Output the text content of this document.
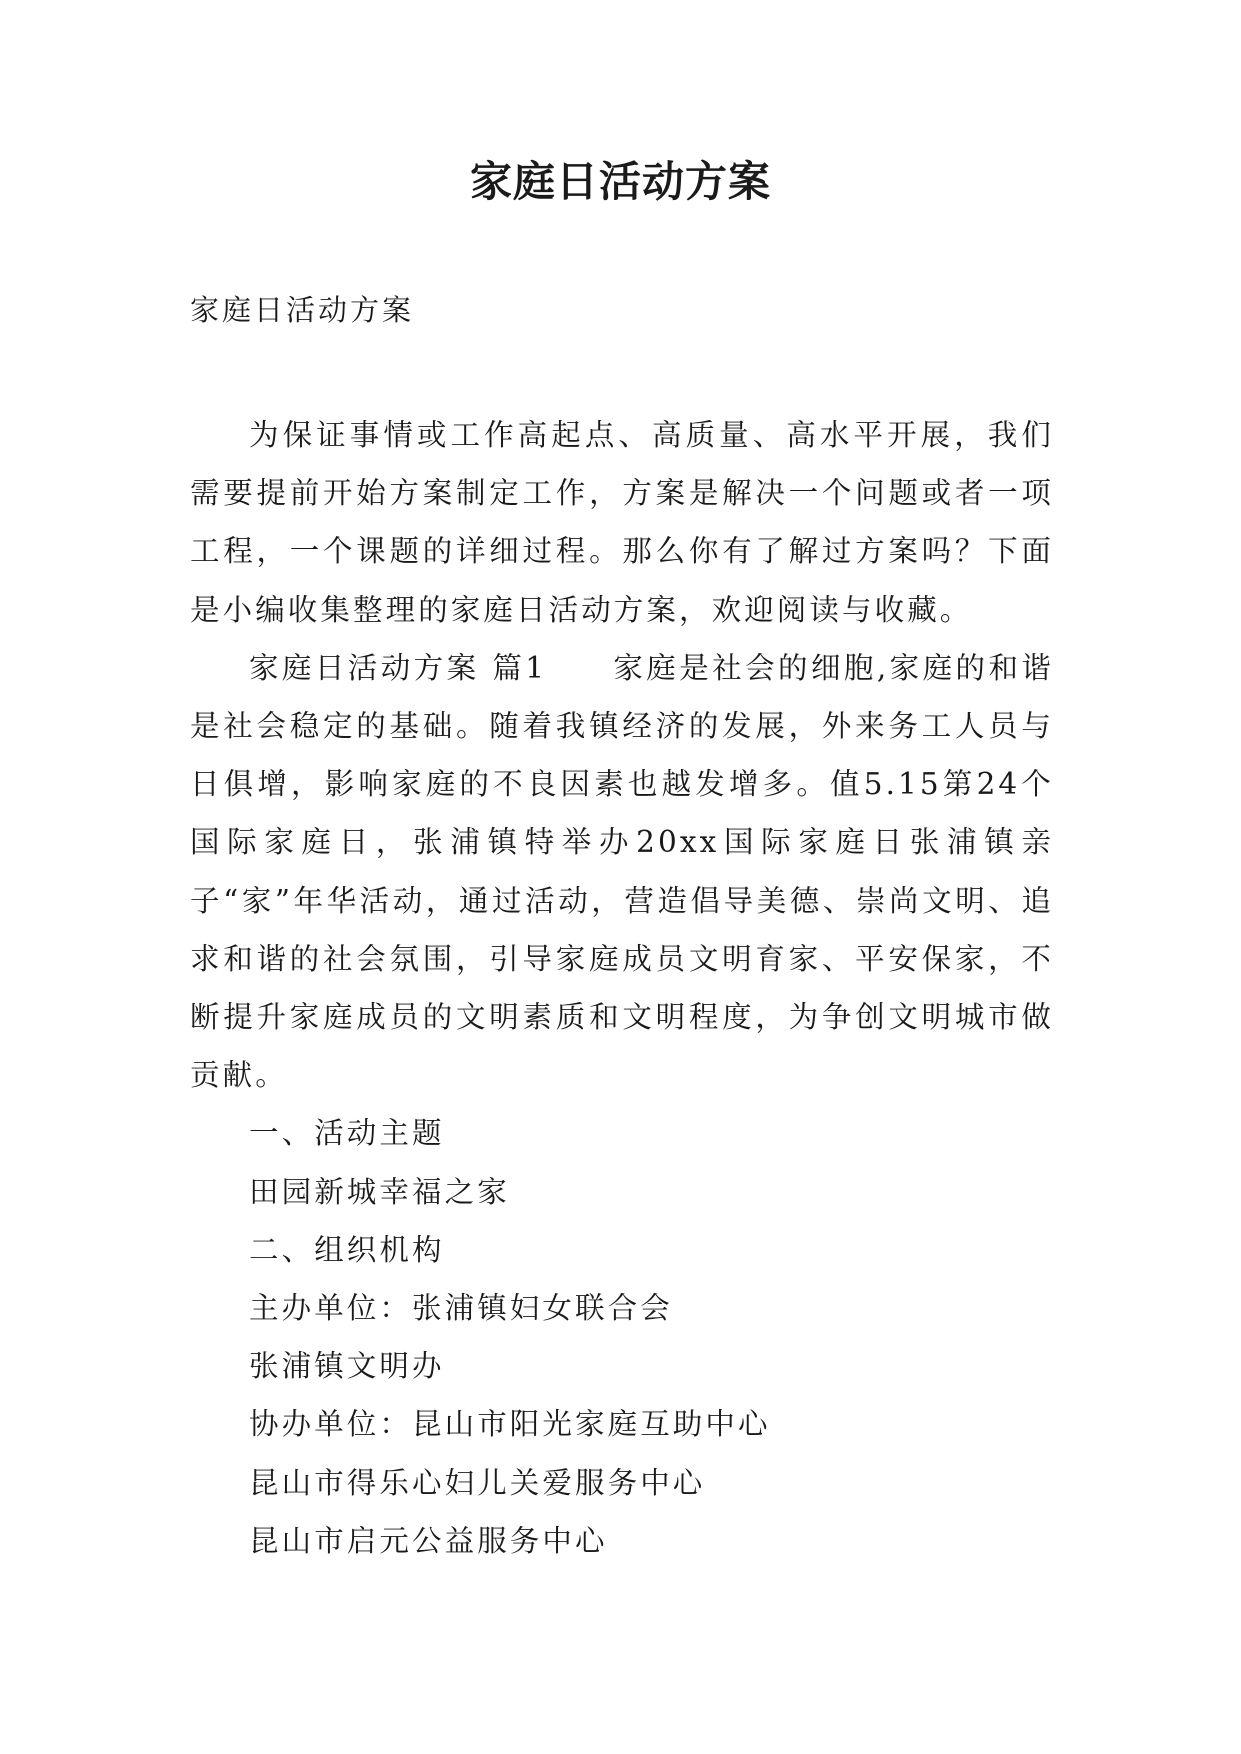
家庭日活动方案

家庭日活动方案

为保证事情或工作高起点、高质量、高水平开展，我们需要提前开始方案制定工作，方案是解决一个问题或者一项工程，一个课题的详细过程。那么你有了解过方案吗？下面是小编收集整理的家庭日活动方案，欢迎阅读与收藏。

家庭日活动方案 篇1　　家庭是社会的细胞,家庭的和谐是社会稳定的基础。随着我镇经济的发展，外来务工人员与日俱增，影响家庭的不良因素也越发增多。值5.15第24个国际家庭日，张浦镇特举办20xx国际家庭日张浦镇亲子“家”年华活动，通过活动，营造倡导美德、崇尚文明、追求和谐的社会氛围，引导家庭成员文明育家、平安保家，不断提升家庭成员的文明素质和文明程度，为争创文明城市做贡献。

一、活动主题

田园新城幸福之家

二、组织机构

主办单位：张浦镇妇女联合会

张浦镇文明办

协办单位：昆山市阳光家庭互助中心

昆山市得乐心妇儿关爱服务中心

昆山市启元公益服务中心
